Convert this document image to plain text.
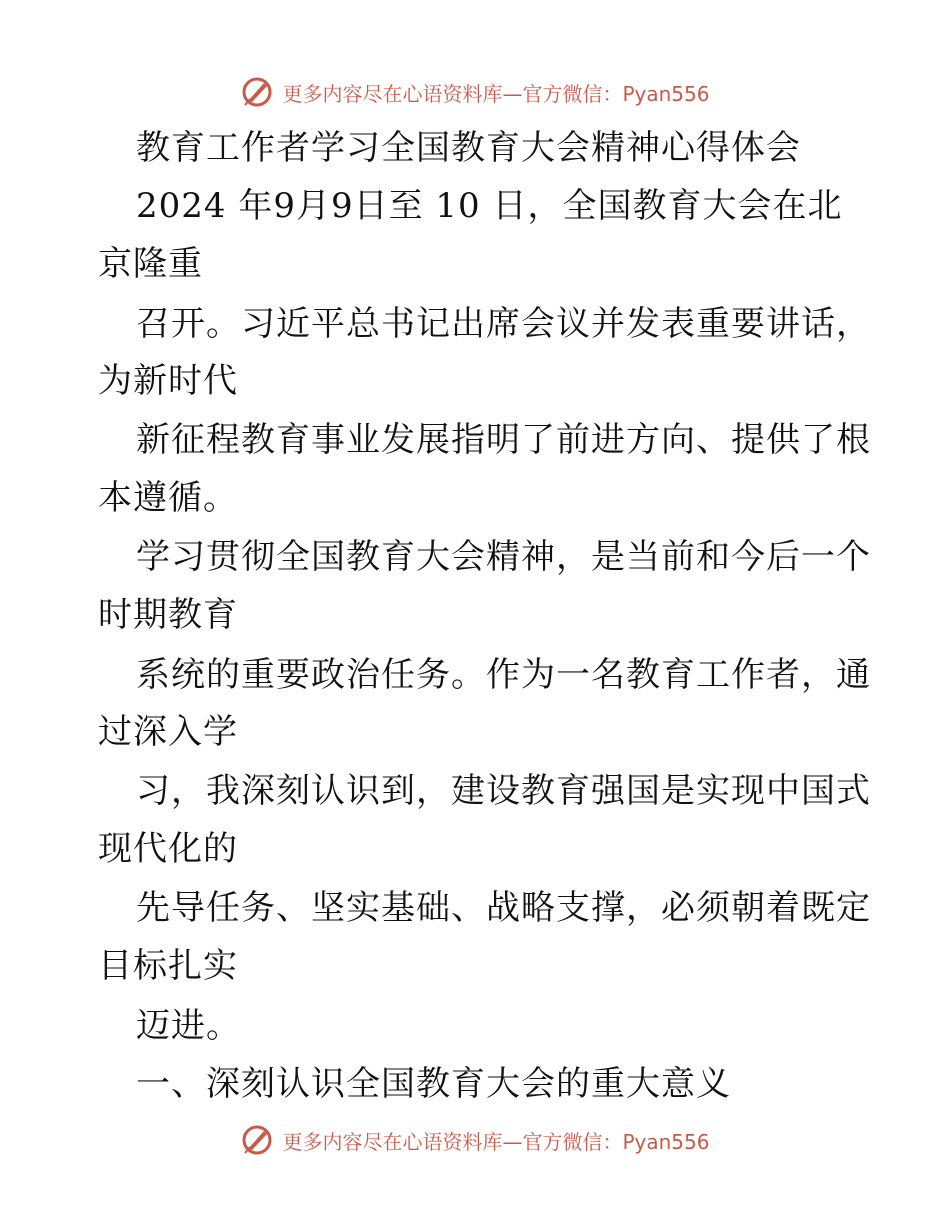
更多内容尽在心语资料库—官方微信：Pyan556
教育工作者学习全国教育大会精神心得体会
2024 年9月9日至 10 日，全国教育大会在北
京隆重
召开。习近平总书记出席会议并发表重要讲话，
为新时代
新征程教育事业发展指明了前进方向、提供了根
本遵循。
学习贯彻全国教育大会精神，是当前和今后一个
时期教育
系统的重要政治任务。作为一名教育工作者，通
过深入学
习，我深刻认识到，建设教育强国是实现中国式
现代化的
先导任务、坚实基础、战略支撑，必须朝着既定
目标扎实
迈进。
一、深刻认识全国教育大会的重大意义
更多内容尽在心语资料库—官方微信：Pyan556
